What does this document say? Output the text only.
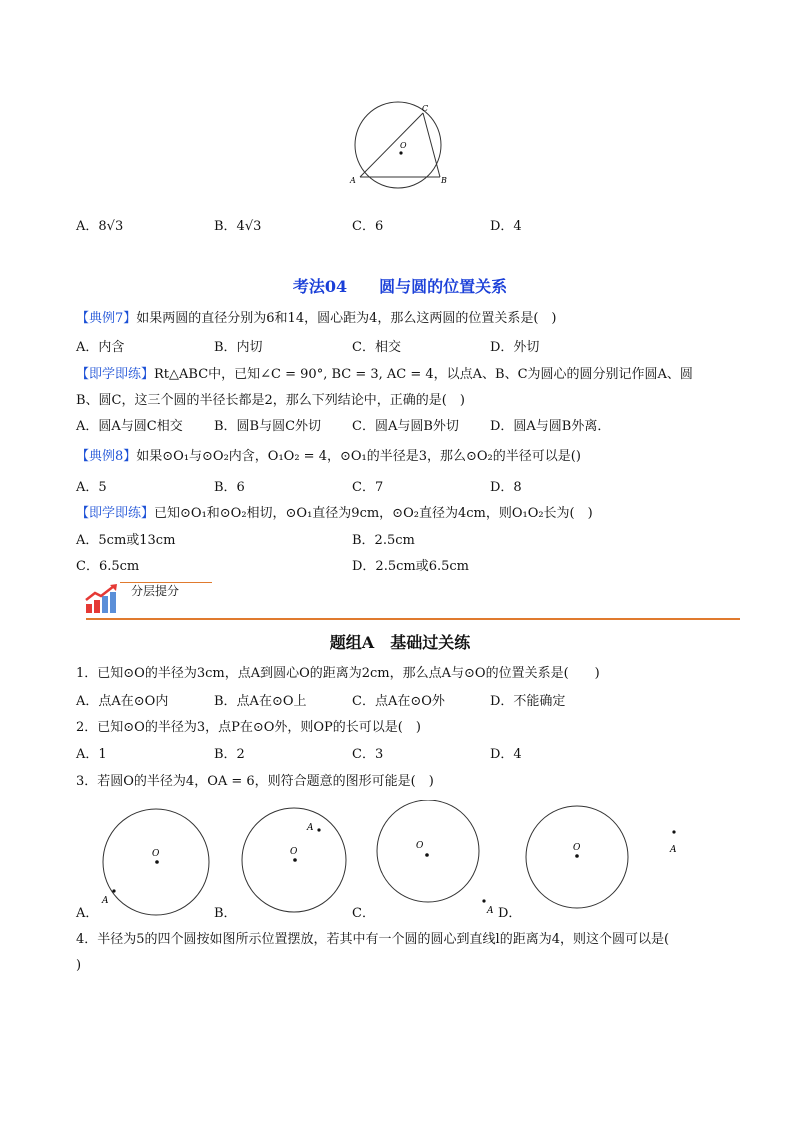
C
O
A	B
A．8√3	B．4√3	C．6	D．4
考法04　　圆与圆的位置关系
【典例7】如果两圆的直径分别为6和14，圆心距为4，那么这两圆的位置关系是(　)
A．内含	B．内切	C．相交	D．外切
【即学即练】Rt△ABC中，已知∠C = 90°, BC = 3, AC = 4，以点A、B、C为圆心的圆分别记作圆A、圆
B、圆C，这三个圆的半径长都是2，那么下列结论中，正确的是(　)
A．圆A与圆C相交 B．圆B与圆C外切 C．圆A与圆B外切 D．圆A与圆B外离．
【典例8】如果⊙O₁与⊙O₂内含，O₁O₂ = 4，⊙O₁的半径是3，那么⊙O₂的半径可以是()
A．5	B．6	C．7	D．8
【即学即练】已知⊙O₁和⊙O₂相切，⊙O₁直径为9cm，⊙O₂直径为4cm，则O₁O₂长为(　)
A．5cm或13cm	B．2.5cm
C．6.5cm	D．2.5cm或6.5cm
分层提分
题组A　基础过关练
1．已知⊙O的半径为3cm，点A到圆心O的距离为2cm，那么点A与⊙O的位置关系是(　　)
A．点A在⊙O内	B．点A在⊙O上	C．点A在⊙O外	D．不能确定
2．已知⊙O的半径为3，点P在⊙O外，则OP的长可以是(　)
A．1	B．2	C．3	D．4
3．若圆O的半径为4，OA = 6，则符合题意的图形可能是(　)
O
A
O
A
O
A
O	A
A．	B．	C．	D．
4．半径为5的四个圆按如图所示位置摆放，若其中有一个圆的圆心到直线l的距离为4，则这个圆可以是(
)
